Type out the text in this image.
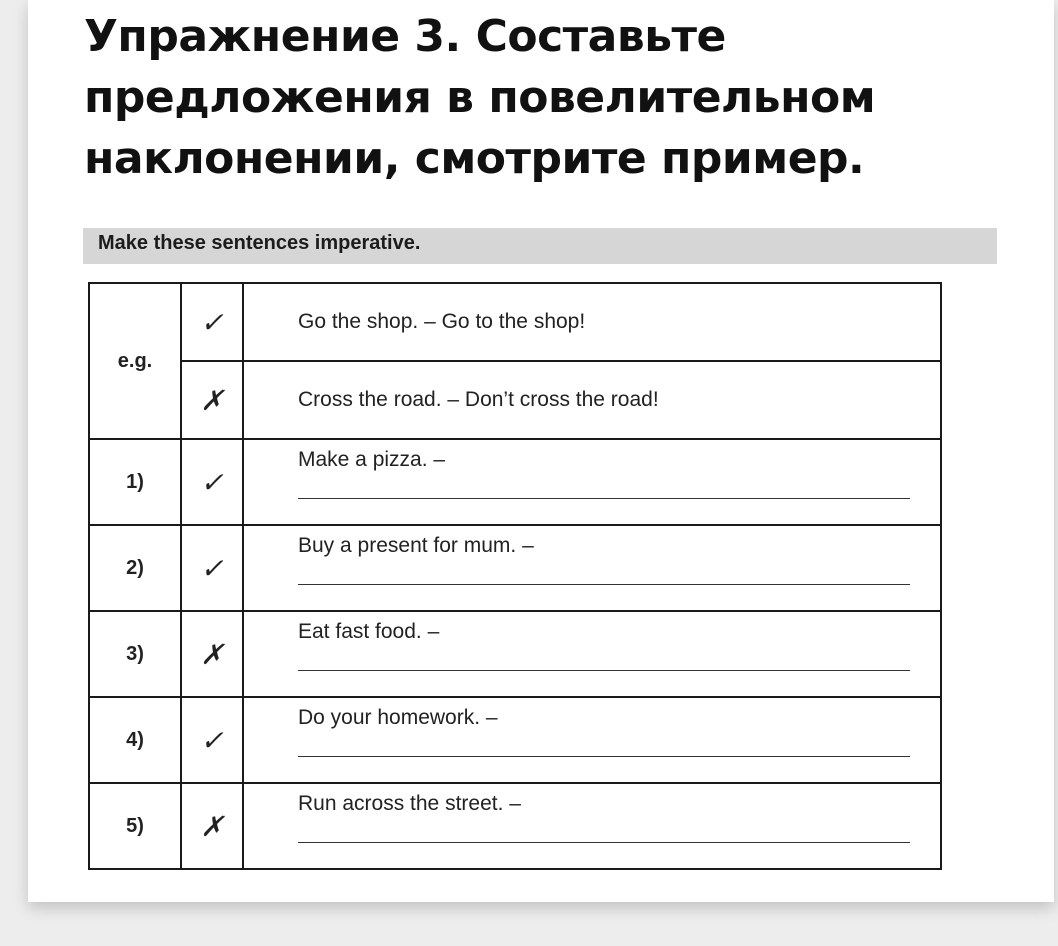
Упражнение 3. Составьте предложения в повелительном наклонении, смотрите пример.
Make these sentences imperative.
e.g.	✓	Go the shop. – Go to the shop!
	✗	Cross the road. – Don’t cross the road!
1)	✓	Make a pizza. –

2)	✓	Buy a present for mum. –

3)	✗	Eat fast food. –

4)	✓	Do your homework. –

5)	✗	Run across the street. –
